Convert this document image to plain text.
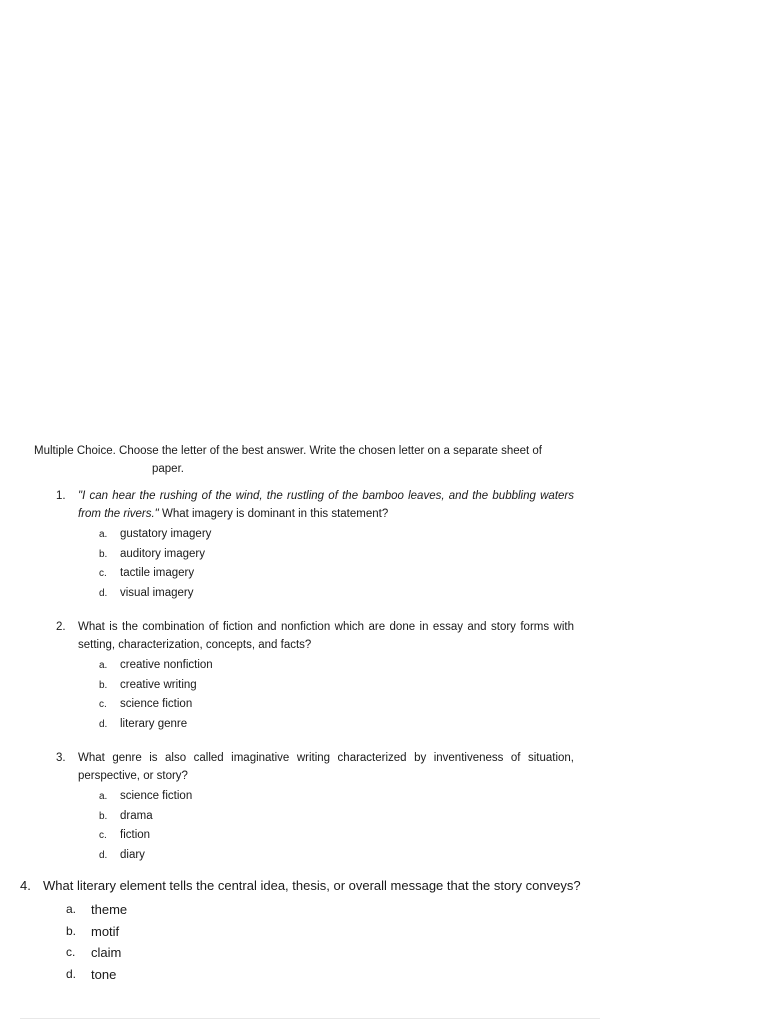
Multiple Choice. Choose the letter of the best answer. Write the chosen letter on a separate sheet of
paper.
1. "I can hear the rushing of the wind, the rustling of the bamboo leaves, and the bubbling waters from the rivers." What imagery is dominant in this statement?
a. gustatory imagery
b. auditory imagery
c. tactile imagery
d. visual imagery
2. What is the combination of fiction and nonfiction which are done in essay and story forms with setting, characterization, concepts, and facts?
a. creative nonfiction
b. creative writing
c. science fiction
d. literary genre
3. What genre is also called imaginative writing characterized by inventiveness of situation, perspective, or story?
a. science fiction
b. drama
c. fiction
d. diary
4. What literary element tells the central idea, thesis, or overall message that the story conveys?
a. theme
b. motif
c. claim
d. tone
